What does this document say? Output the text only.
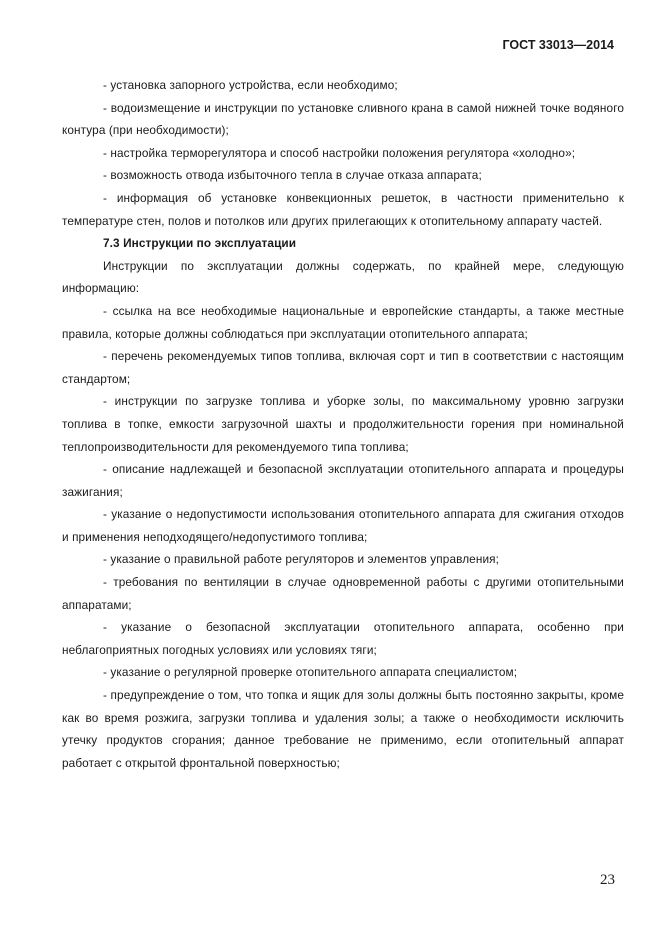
ГОСТ 33013—2014

- установка запорного устройства, если необходимо;

- водоизмещение и инструкции по установке сливного крана в самой нижней точке водяного контура (при необходимости);

- настройка терморегулятора и способ настройки положения регулятора «холодно»;

- возможность отвода избыточного тепла в случае отказа аппарата;

- информация об установке конвекционных решеток, в частности применительно к температуре стен, полов и потолков или других прилегающих к отопительному аппарату частей.

7.3 Инструкции по эксплуатации

Инструкции по эксплуатации должны содержать, по крайней мере, следующую информацию:

- ссылка на все необходимые национальные и европейские стандарты, а также местные правила, которые должны соблюдаться при эксплуатации отопительного аппарата;

- перечень рекомендуемых типов топлива, включая сорт и тип в соответствии с настоящим стандартом;

- инструкции по загрузке топлива и уборке золы, по максимальному уровню загрузки топлива в топке, емкости загрузочной шахты и продолжительности горения при номинальной теплопроизводительности для рекомендуемого типа топлива;

- описание надлежащей и безопасной эксплуатации отопительного аппарата и процедуры зажигания;

- указание о недопустимости использования отопительного аппарата для сжигания отходов и применения неподходящего/недопустимого топлива;

- указание о правильной работе регуляторов и элементов управления;

- требования по вентиляции в случае одновременной работы с другими отопительными аппаратами;

- указание о безопасной эксплуатации отопительного аппарата, особенно при неблагоприятных погодных условиях или условиях тяги;

- указание о регулярной проверке отопительного аппарата специалистом;

- предупреждение о том, что топка и ящик для золы должны быть постоянно закрыты, кроме как во время розжига, загрузки топлива и удаления золы; а также о необходимости исключить утечку продуктов сгорания; данное требование не применимо, если отопительный аппарат работает с открытой фронтальной поверхностью;

23
